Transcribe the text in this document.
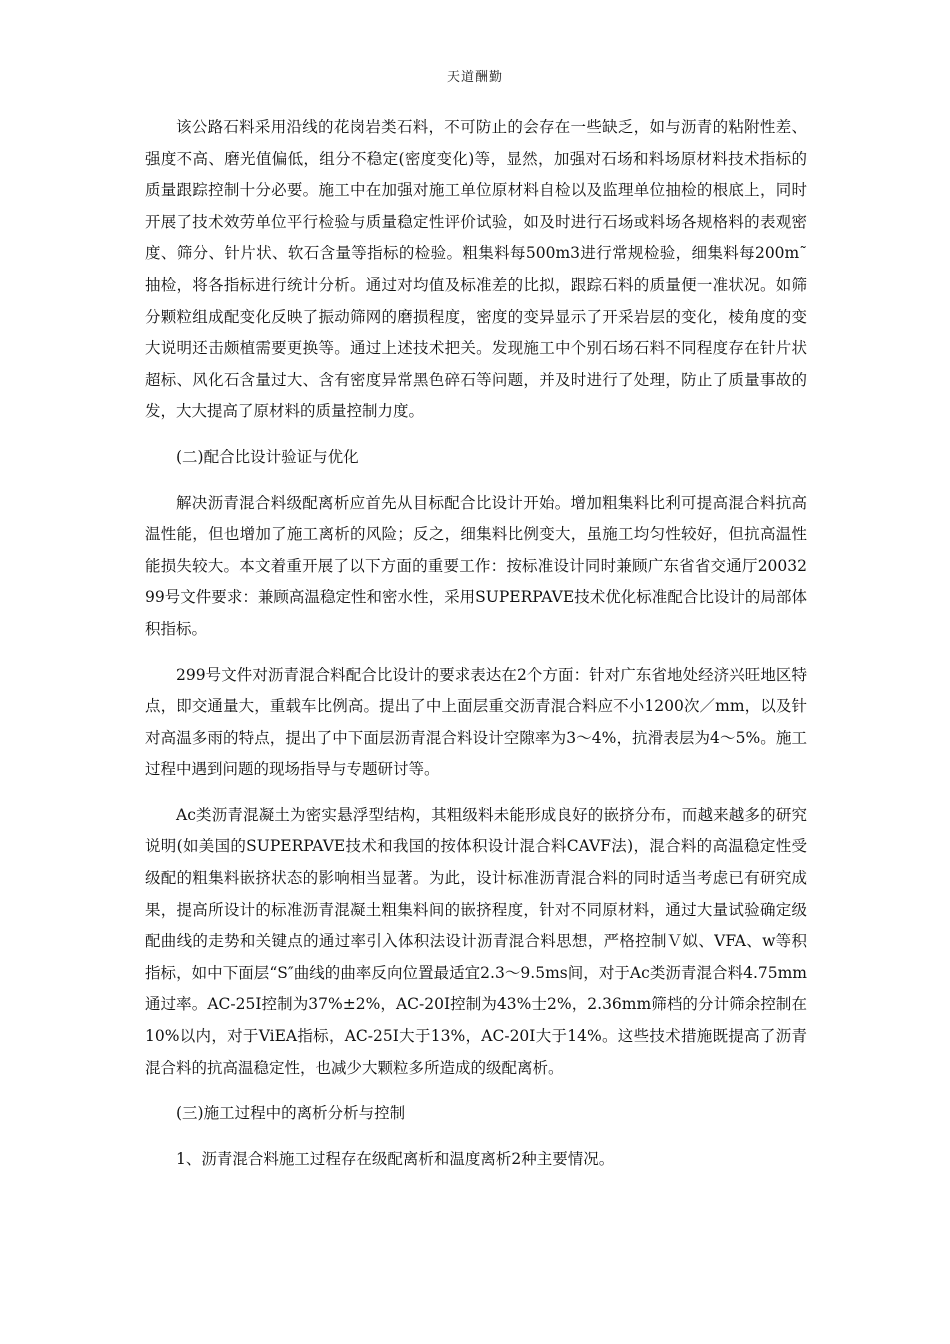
天道酬勤

该公路石料采用沿线的花岗岩类石料，不可防止的会存在一些缺乏，如与沥青的粘附性差、强度不高、磨光值偏低，组分不稳定(密度变化)等，显然，加强对石场和料场原材料技术指标的质量跟踪控制十分必要。施工中在加强对施工单位原材料自检以及监理单位抽检的根底上，同时开展了技术效劳单位平行检验与质量稳定性评价试验，如及时进行石场或料场各规格料的表观密度、筛分、针片状、软石含量等指标的检验。粗集料每500m3进行常规检验，细集料每200m˜抽检，将各指标进行统计分析。通过对均值及标准差的比拟，跟踪石料的质量便一准状况。如筛分颗粒组成配变化反映了振动筛网的磨损程度，密度的变异显示了开采岩层的变化，棱角度的变大说明还击颇植需要更换等。通过上述技术把关。发现施工中个别石场石料不同程度存在针片状超标、风化石含量过大、含有密度异常黑色碎石等问题，并及时进行了处理，防止了质量事故的发，大大提高了原材料的质量控制力度。

(二)配合比设计验证与优化

解决沥青混合料级配离析应首先从目标配合比设计开始。增加粗集料比利可提高混合料抗高温性能，但也增加了施工离析的风险；反之，细集料比例变大，虽施工均匀性较好，但抗高温性能损失较大。本文着重开展了以下方面的重要工作：按标准设计同时兼顾广东省省交通厅2003299号文件要求：兼顾高温稳定性和密水性，采用SUPERPAVE技术优化标准配合比设计的局部体积指标。

299号文件对沥青混合料配合比设计的要求表达在2个方面：针对广东省地处经济兴旺地区特点，即交通量大，重载车比例高。提出了中上面层重交沥青混合料应不小1200次／mm，以及针对高温多雨的特点，提出了中下面层沥青混合料设计空隙率为3～4%，抗滑表层为4～5%。施工过程中遇到问题的现场指导与专题研讨等。

Ac类沥青混凝土为密实悬浮型结构，其粗级料未能形成良好的嵌挤分布，而越来越多的研究说明(如美国的SUPERPAVE技术和我国的按体积设计混合料CAVF法)，混合料的高温稳定性受级配的粗集料嵌挤状态的影响相当显著。为此，设计标准沥青混合料的同时适当考虑已有研究成果，提高所设计的标准沥青混凝土粗集料间的嵌挤程度，针对不同原材料，通过大量试验确定级配曲线的走势和关键点的通过率引入体积法设计沥青混合料思想，严格控制Ｖ姒、VFA、w等积指标，如中下面层“S″曲线的曲率反向位置最适宜2.3～9.5ms间，对于Ac类沥青混合料4.75mm通过率。AC-25I控制为37%±2%，AC-20I控制为43%士2%，2.36mm筛档的分计筛余控制在10%以内，对于ViEA指标，AC-25I大于13%，AC-20I大于14%。这些技术措施既提高了沥青混合料的抗高温稳定性，也减少大颗粒多所造成的级配离析。

(三)施工过程中的离析分析与控制

1、沥青混合料施工过程存在级配离析和温度离析2种主要情况。
